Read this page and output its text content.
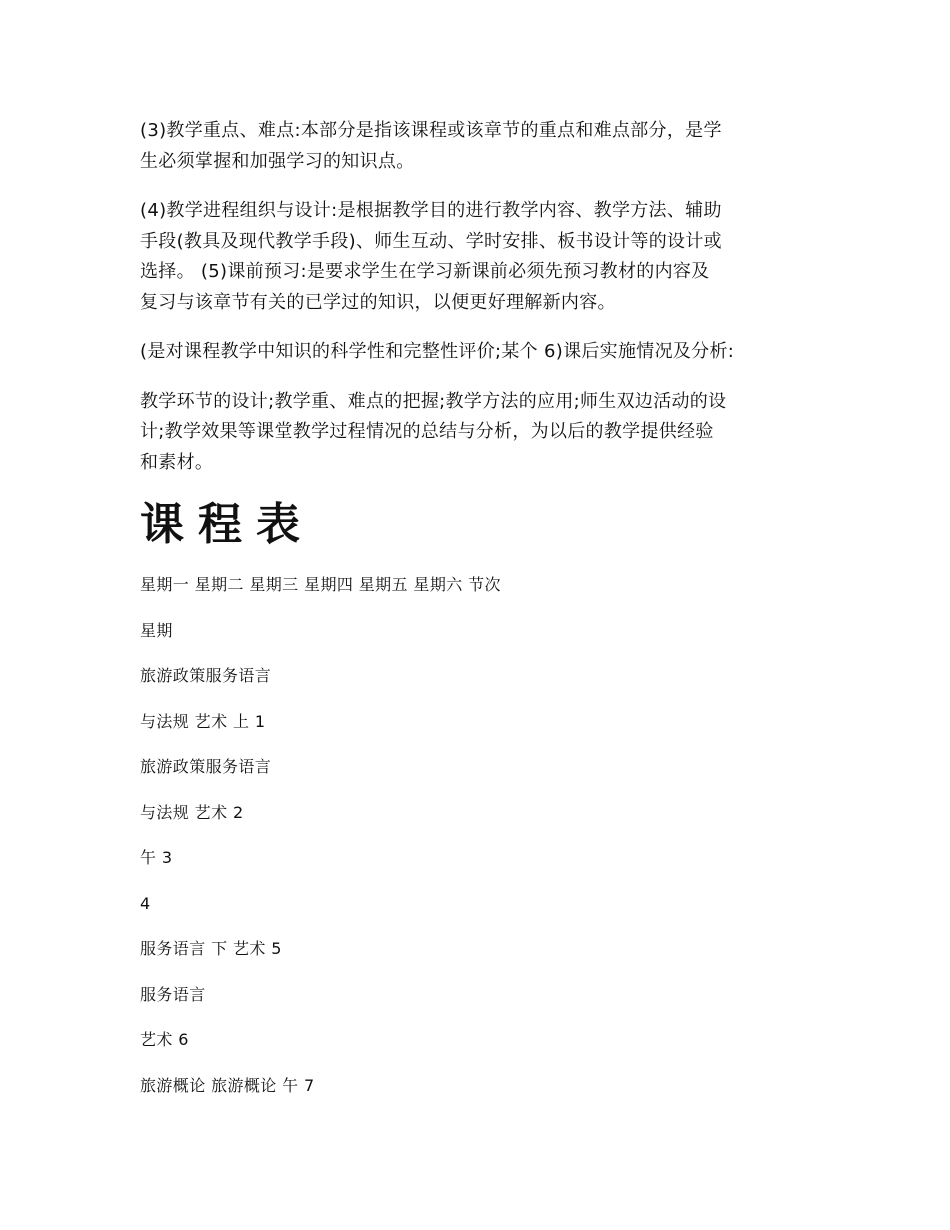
(3)教学重点、难点:本部分是指该课程或该章节的重点和难点部分，是学
生必须掌握和加强学习的知识点。

(4)教学进程组织与设计:是根据教学目的进行教学内容、教学方法、辅助
手段(教具及现代教学手段)、师生互动、学时安排、板书设计等的设计或
选择。 (5)课前预习:是要求学生在学习新课前必须先预习教材的内容及
复习与该章节有关的已学过的知识，以便更好理解新内容。

(是对课程教学中知识的科学性和完整性评价;某个 6)课后实施情况及分析:

教学环节的设计;教学重、难点的把握;教学方法的应用;师生双边活动的设
计;教学效果等课堂教学过程情况的总结与分析，为以后的教学提供经验
和素材。

课程表
星期一 星期二 星期三 星期四 星期五 星期六 节次
星期
旅游政策服务语言
与法规 艺术 上 1
旅游政策服务语言
与法规 艺术 2
午 3
4
服务语言 下 艺术 5
服务语言
艺术 6
旅游概论 旅游概论 午 7
